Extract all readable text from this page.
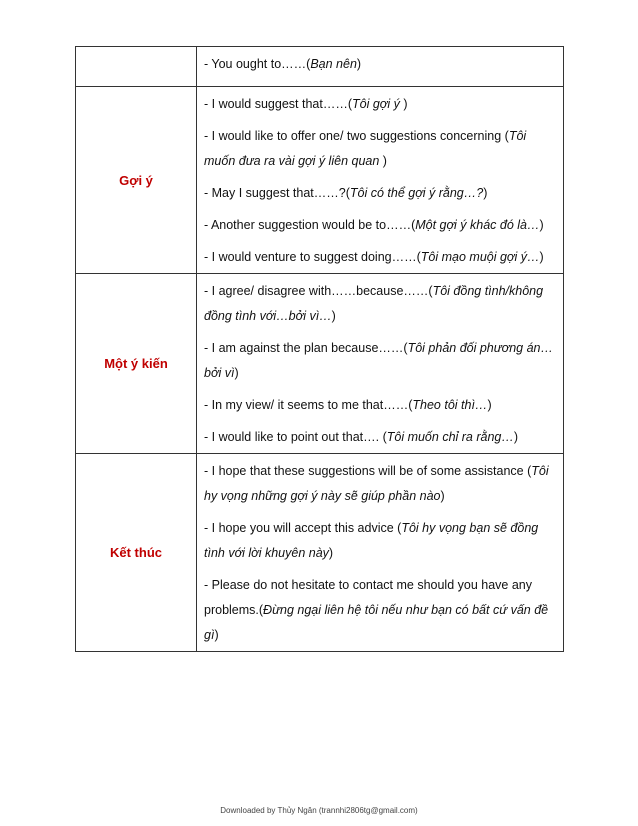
	- You ought to……(Bạn nên)

Gợi ý	- I would suggest that……(Tôi gợi ý )
- I would like to offer one/ two suggestions concerning (Tôi muốn đưa ra vài gợi ý liên quan )
- May I suggest that……?(Tôi có thể gợi ý rằng…?)
- Another suggestion would be to……(Một gợi ý khác đó là…)
- I would venture to suggest doing……(Tôi mạo muội gợi ý…)

Một ý kiến	- I agree/ disagree with……because……(Tôi đồng tình/không đồng tình với…bởi vì…)
- I am against the plan because……(Tôi phản đối phương án…bởi vì)
- In my view/ it seems to me that……(Theo tôi thì…)
- I would like to point out that…. (Tôi muốn chỉ ra rằng…)

Kết thúc	- I hope that these suggestions will be of some assistance (Tôi hy vọng những gợi ý này sẽ giúp phần nào)
- I hope you will accept this advice (Tôi hy vọng bạn sẽ đồng tình với lời khuyên này)
- Please do not hesitate to contact me should you have any problems.(Đừng ngại liên hệ tôi nếu như bạn có bất cứ vấn đề gì)
Downloaded by Thủy Ngân (trannhi2806tg@gmail.com)
